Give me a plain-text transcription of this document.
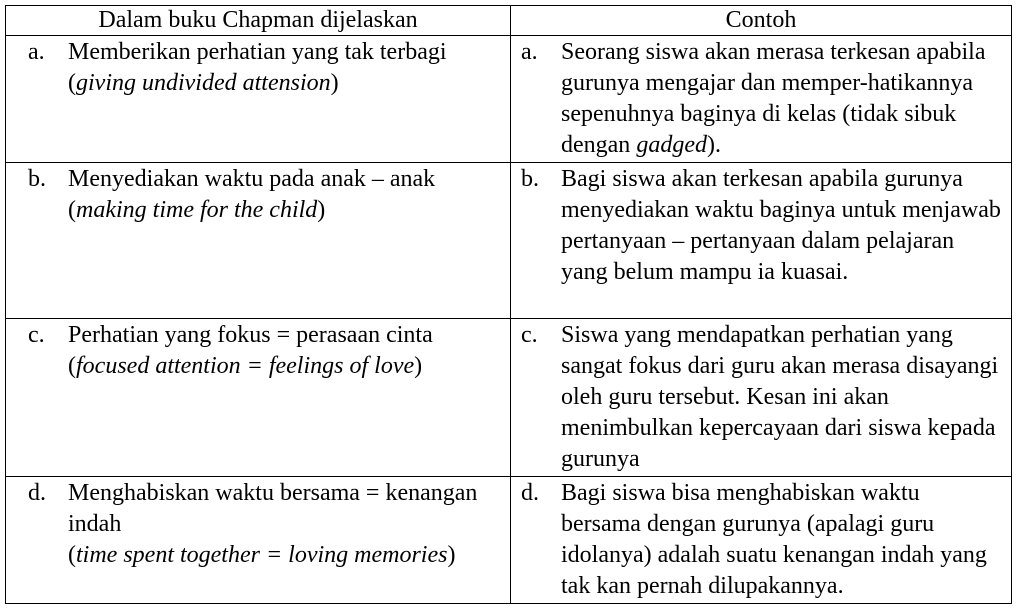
Dalam buku Chapman dijelaskan	Contoh

a. Memberikan perhatian yang tak terbagi
(giving undivided attension)	a. Seorang siswa akan merasa terkesan apabila gurunya mengajar dan memper-hatikannya sepenuhnya baginya di kelas (tidak sibuk dengan gadged).

b. Menyediakan waktu pada anak – anak
(making time for the child)	b. Bagi siswa akan terkesan apabila gurunya menyediakan waktu baginya untuk menjawab pertanyaan – pertanyaan dalam pelajaran yang belum mampu ia kuasai.

c. Perhatian yang fokus = perasaan cinta
(focused attention = feelings of love)	c. Siswa yang mendapatkan perhatian yang sangat fokus dari guru akan merasa disayangi oleh guru tersebut. Kesan ini akan menimbulkan kepercayaan dari siswa kepada gurunya

d. Menghabiskan waktu bersama = kenangan indah
(time spent together = loving memories)	d. Bagi siswa bisa menghabiskan waktu bersama dengan gurunya (apalagi guru idolanya) adalah suatu kenangan indah yang tak kan pernah dilupakannya.
